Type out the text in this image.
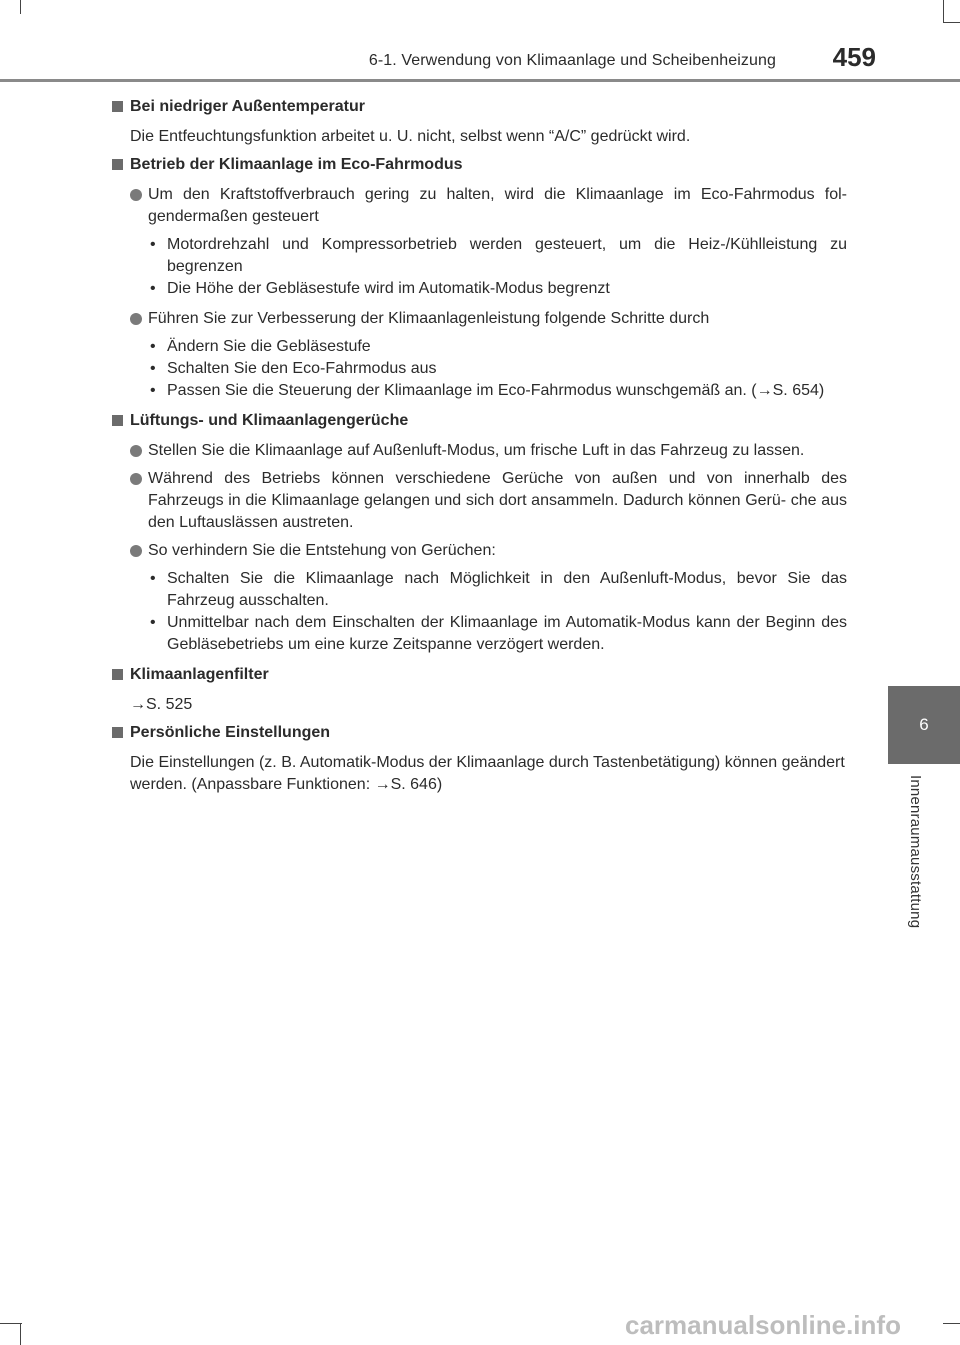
6-1. Verwendung von Klimaanlage und Scheibenheizung 459
6
Innenraumausstattung
Bei niedriger Außentemperatur
Die Entfeuchtungsfunktion arbeitet u. U. nicht, selbst wenn “A/C” gedrückt wird.
Betrieb der Klimaanlage im Eco-Fahrmodus
Um den Kraftstoffverbrauch gering zu halten, wird die Klimaanlage im Eco-Fahrmodus fol- gendermaßen gesteuert
• Motordrehzahl und Kompressorbetrieb werden gesteuert, um die Heiz-/Kühlleistung zu begrenzen
• Die Höhe der Gebläsestufe wird im Automatik-Modus begrenzt
Führen Sie zur Verbesserung der Klimaanlagenleistung folgende Schritte durch
• Ändern Sie die Gebläsestufe
• Schalten Sie den Eco-Fahrmodus aus
• Passen Sie die Steuerung der Klimaanlage im Eco-Fahrmodus wunschgemäß an. (→S. 654)
Lüftungs- und Klimaanlagengerüche
Stellen Sie die Klimaanlage auf Außenluft-Modus, um frische Luft in das Fahrzeug zu lassen.
Während des Betriebs können verschiedene Gerüche von außen und von innerhalb des Fahrzeugs in die Klimaanlage gelangen und sich dort ansammeln. Dadurch können Gerü- che aus den Luftauslässen austreten.
So verhindern Sie die Entstehung von Gerüchen:
• Schalten Sie die Klimaanlage nach Möglichkeit in den Außenluft-Modus, bevor Sie das Fahrzeug ausschalten.
• Unmittelbar nach dem Einschalten der Klimaanlage im Automatik-Modus kann der Beginn des Gebläsebetriebs um eine kurze Zeitspanne verzögert werden.
Klimaanlagenfilter
→S. 525
Persönliche Einstellungen
Die Einstellungen (z. B. Automatik-Modus der Klimaanlage durch Tastenbetätigung) können geändert werden. (Anpassbare Funktionen: →S. 646)
carmanualsonline.info
